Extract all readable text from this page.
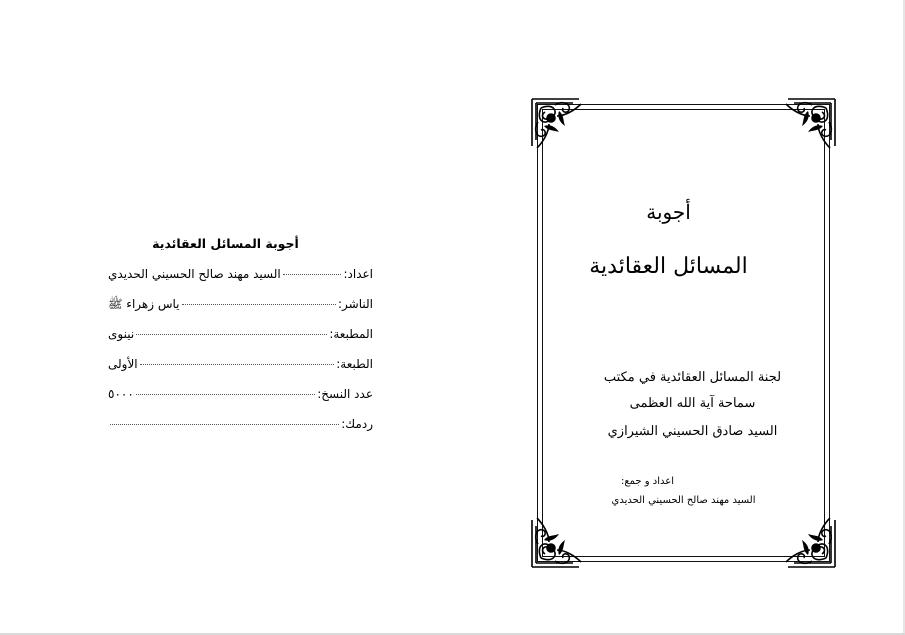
أجوبة المسائل العقائدية
اعداد:
السيد مهند صالح الحسيني الحديدي
الناشر:
ياس زهراء ﷺ
المطبعة:
نينوى
الطبعة:
الأولى
عدد النسخ:
٥٠٠٠
ردمك:
أجوبة
المسائل العقائدية
لجنة المسائل العقائدية في مكتب
سماحة آية الله العظمى
السيد صادق الحسيني الشيرازي
اعداد و جمع:
السيد مهند صالح الحسيني الحديدي
